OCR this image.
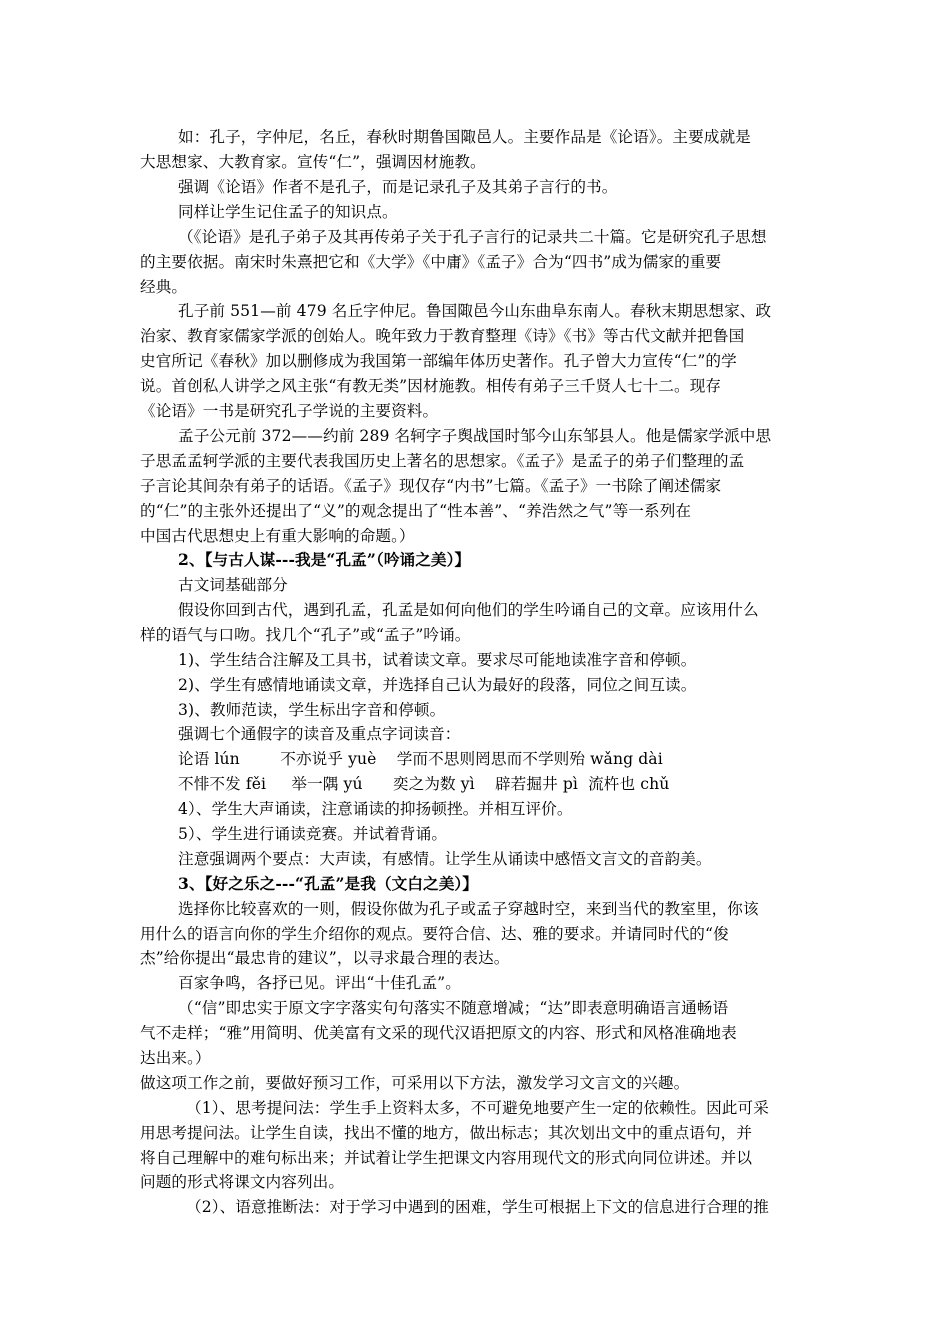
如：孔子，字仲尼，名丘，春秋时期鲁国陬邑人。主要作品是《论语》。主要成就是
大思想家、大教育家。宣传“仁”，强调因材施教。
强调《论语》作者不是孔子，而是记录孔子及其弟子言行的书。
同样让学生记住孟子的知识点。
（《论语》是孔子弟子及其再传弟子关于孔子言行的记录共二十篇。它是研究孔子思想
的主要依据。南宋时朱熹把它和《大学》《中庸》《孟子》合为“四书”成为儒家的重要
经典。
孔子前 551—前 479 名丘字仲尼。鲁国陬邑今山东曲阜东南人。春秋末期思想家、政
治家、教育家儒家学派的创始人。晚年致力于教育整理《诗》《书》等古代文献并把鲁国
史官所记《春秋》加以删修成为我国第一部编年体历史著作。孔子曾大力宣传“仁”的学
说。首创私人讲学之风主张“有教无类”因材施教。相传有弟子三千贤人七十二。现存
《论语》一书是研究孔子学说的主要资料。
孟子公元前 372——约前 289 名轲字子舆战国时邹今山东邹县人。他是儒家学派中思
子思孟孟轲学派的主要代表我国历史上著名的思想家。《孟子》是孟子的弟子们整理的孟
子言论其间杂有弟子的话语。《孟子》现仅存“内书”七篇。《孟子》一书除了阐述儒家
的“仁”的主张外还提出了“义”的观念提出了“性本善”、“养浩然之气”等一系列在
中国古代思想史上有重大影响的命题。）
2、【与古人谋---我是“孔孟”（吟诵之美）】
古文词基础部分
假设你回到古代，遇到孔孟，孔孟是如何向他们的学生吟诵自己的文章。应该用什么
样的语气与口吻。找几个“孔子”或“孟子”吟诵。
1)、学生结合注解及工具书，试着读文章。要求尽可能地读准字音和停顿。
2)、学生有感情地诵读文章，并选择自己认为最好的段落，同位之间互读。
3)、教师范读，学生标出字音和停顿。
强调七个通假字的读音及重点字词读音：
论语 lún        不亦说乎 yuè    学而不思则罔思而不学则殆 wǎng dài
不悱不发 fěi     举一隅 yú      奕之为数 yì    辟若掘井 pì  流杵也 chǔ
4）、学生大声诵读，注意诵读的抑扬顿挫。并相互评价。
5）、学生进行诵读竞赛。并试着背诵。
注意强调两个要点：大声读，有感情。让学生从诵读中感悟文言文的音韵美。
3、【好之乐之---“孔孟”是我（文白之美）】
选择你比较喜欢的一则，假设你做为孔子或孟子穿越时空，来到当代的教室里，你该
用什么的语言向你的学生介绍你的观点。要符合信、达、雅的要求。并请同时代的“俊
杰”给你提出“最忠肯的建议”，以寻求最合理的表达。
百家争鸣，各抒已见。评出“十佳孔孟”。
（“信”即忠实于原文字字落实句句落实不随意增减；“达”即表意明确语言通畅语
气不走样；“雅”用简明、优美富有文采的现代汉语把原文的内容、形式和风格准确地表
达出来。）
做这项工作之前，要做好预习工作，可采用以下方法，激发学习文言文的兴趣。
（1）、思考提问法：学生手上资料太多，不可避免地要产生一定的依赖性。因此可采
用思考提问法。让学生自读，找出不懂的地方，做出标志；其次划出文中的重点语句，并
将自己理解中的难句标出来；并试着让学生把课文内容用现代文的形式向同位讲述。并以
问题的形式将课文内容列出。
（2）、语意推断法：对于学习中遇到的困难，学生可根据上下文的信息进行合理的推
